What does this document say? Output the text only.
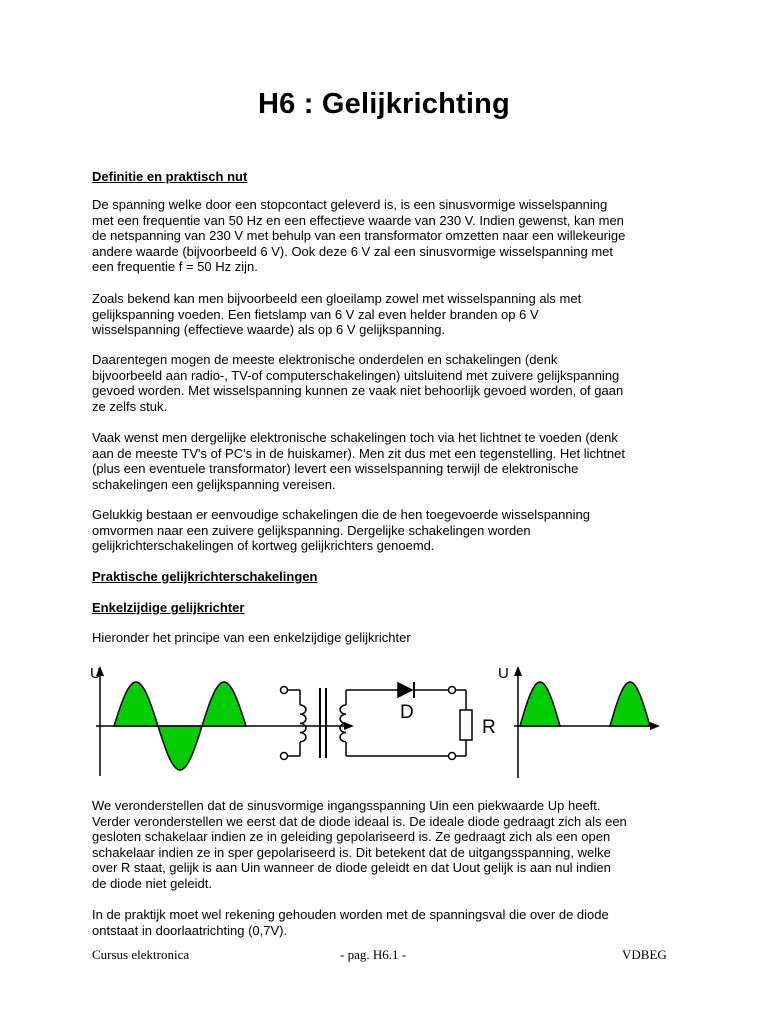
H6 : Gelijkrichting
Definitie en praktisch nut
De spanning welke door een stopcontact geleverd is, is een sinusvormige wisselspanning
met een frequentie van 50 Hz en een effectieve waarde van 230 V. Indien gewenst, kan men
de netspanning van 230 V met behulp van een transformator omzetten naar een willekeurige
andere waarde (bijvoorbeeld 6 V). Ook deze 6 V zal een sinusvormige wisselspanning met
een frequentie f = 50 Hz zijn.
Zoals bekend kan men bijvoorbeeld een gloeilamp zowel met wisselspanning als met
gelijkspanning voeden. Een fietslamp van 6 V zal even helder branden op 6 V
wisselspanning (effectieve waarde) als op 6 V gelijkspanning.
Daarentegen mogen de meeste elektronische onderdelen en schakelingen (denk
bijvoorbeeld aan radio-, TV-of computerschakelingen) uitsluitend met zuivere gelijkspanning
gevoed worden. Met wisselspanning kunnen ze vaak niet behoorlijk gevoed worden, of gaan
ze zelfs stuk.
Vaak wenst men dergelijke elektronische schakelingen toch via het lichtnet te voeden (denk
aan de meeste TV's of PC's in de huiskamer). Men zit dus met een tegenstelling. Het lichtnet
(plus een eventuele transformator) levert een wisselspanning terwijl de elektronische
schakelingen een gelijkspanning vereisen.
Gelukkig bestaan er eenvoudige schakelingen die de hen toegevoerde wisselspanning
omvormen naar een zuivere gelijkspanning. Dergelijke schakelingen worden
gelijkrichterschakelingen of kortweg gelijkrichters genoemd.
Praktische gelijkrichterschakelingen
Enkelzijdige gelijkrichter
Hieronder het principe van een enkelzijdige gelijkrichter
U
D
R
U
We veronderstellen dat de sinusvormige ingangsspanning Uin een piekwaarde Up heeft.
Verder veronderstellen we eerst dat de diode ideaal is. De ideale diode gedraagt zich als een
gesloten schakelaar indien ze in geleiding gepolariseerd is. Ze gedraagt zich als een open
schakelaar indien ze in sper gepolariseerd is. Dit betekent dat de uitgangsspanning, welke
over R staat, gelijk is aan Uin wanneer de diode geleidt en dat Uout gelijk is aan nul indien
de diode niet geleidt.
In de praktijk moet wel rekening gehouden worden met de spanningsval die over de diode
ontstaat in doorlaatrichting (0,7V).
Cursus elektronica	- pag. H6.1 -	VDBEG
